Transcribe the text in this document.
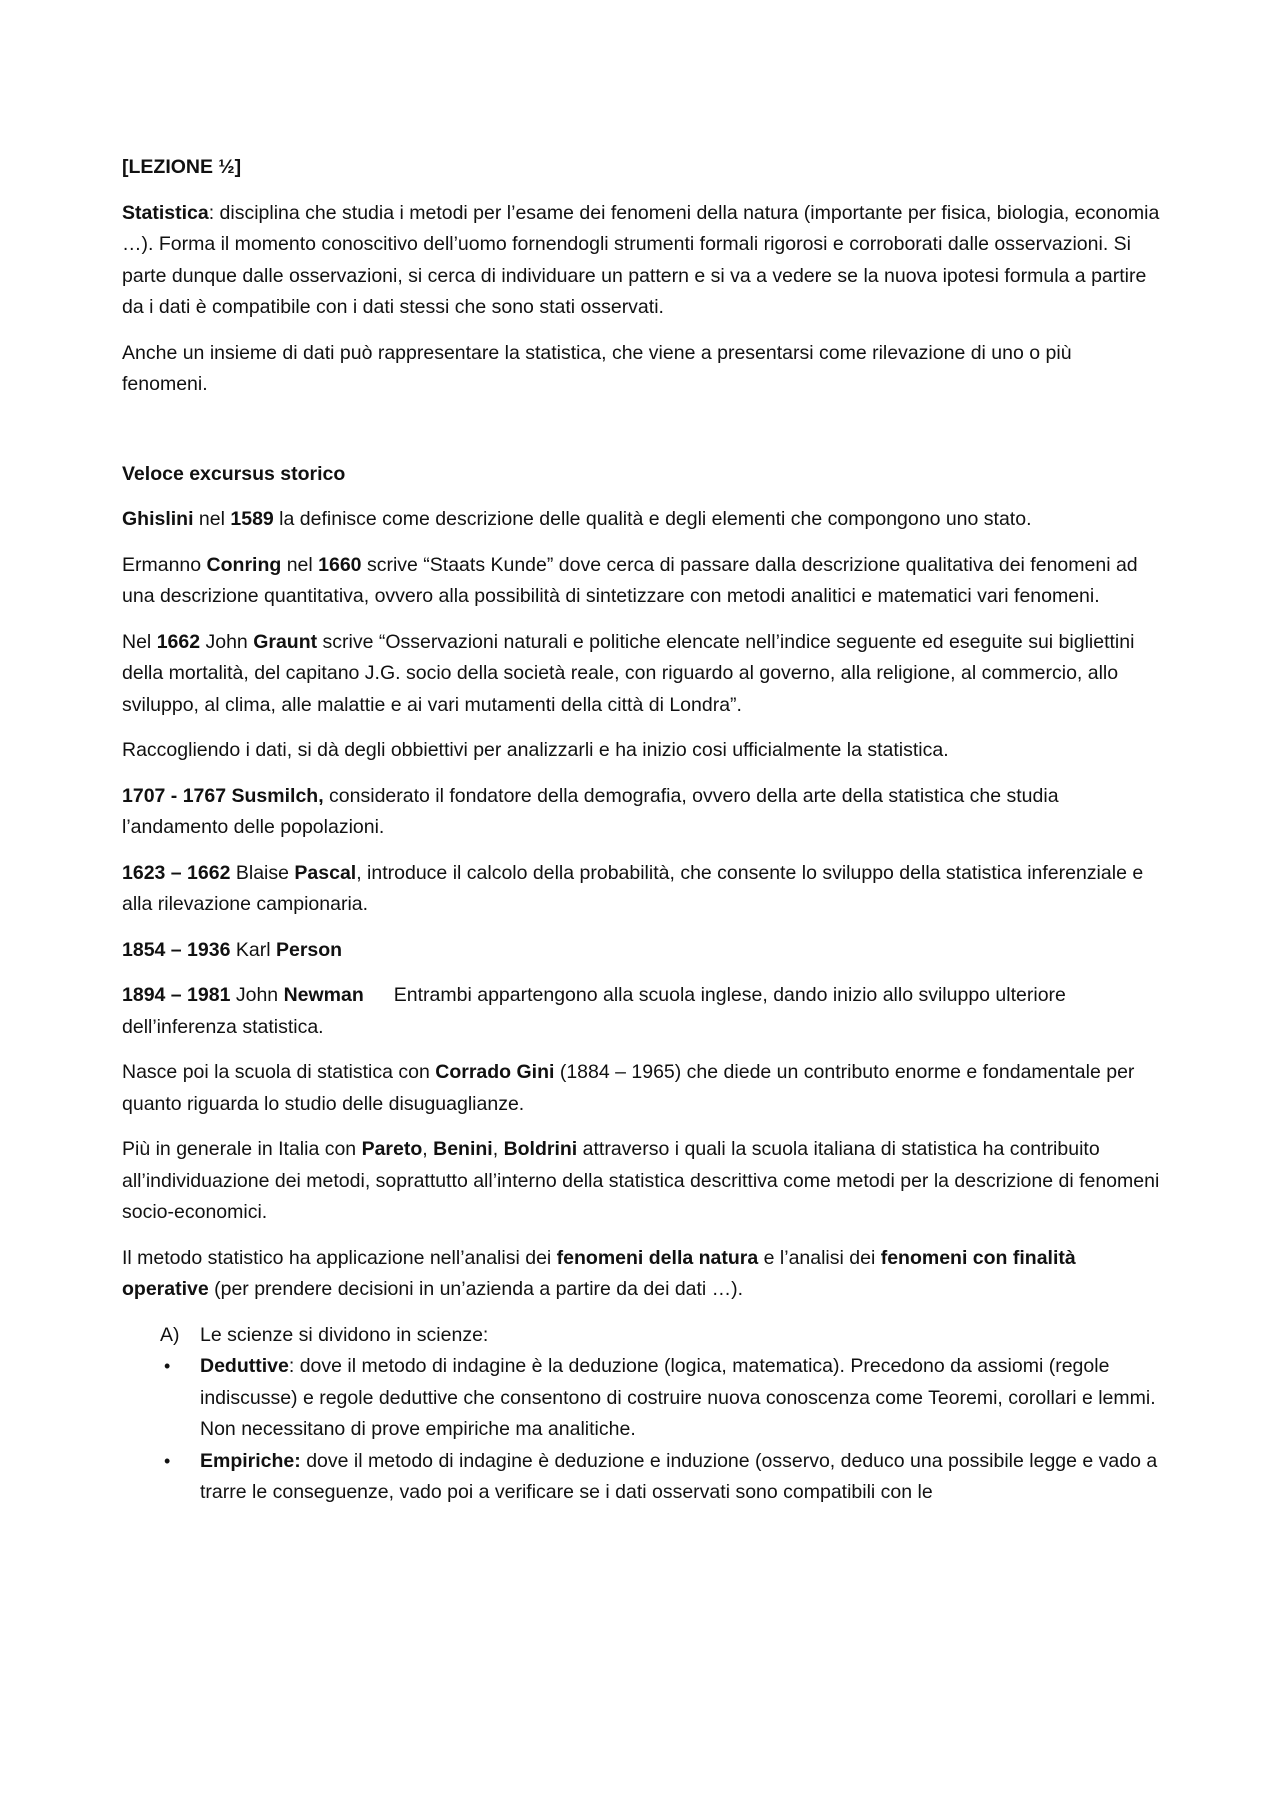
[LEZIONE ½]

Statistica: disciplina che studia i metodi per l’esame dei fenomeni della natura (importante per fisica, biologia, economia …). Forma il momento conoscitivo dell’uomo fornendogli strumenti formali rigorosi e corroborati dalle osservazioni. Si parte dunque dalle osservazioni, si cerca di individuare un pattern e si va a vedere se la nuova ipotesi formula a partire da i dati è compatibile con i dati stessi che sono stati osservati.

Anche un insieme di dati può rappresentare la statistica, che viene a presentarsi come rilevazione di uno o più fenomeni.

Veloce excursus storico

Ghislini nel 1589 la definisce come descrizione delle qualità e degli elementi che compongono uno stato.

Ermanno Conring nel 1660 scrive “Staats Kunde” dove cerca di passare dalla descrizione qualitativa dei fenomeni ad una descrizione quantitativa, ovvero alla possibilità di sintetizzare con metodi analitici e matematici vari fenomeni.

Nel 1662 John Graunt scrive “Osservazioni naturali e politiche elencate nell’indice seguente ed eseguite sui bigliettini della mortalità, del capitano J.G. socio della società reale, con riguardo al governo, alla religione, al commercio, allo sviluppo, al clima, alle malattie e ai vari mutamenti della città di Londra”.

Raccogliendo i dati, si dà degli obbiettivi per analizzarli e ha inizio cosi ufficialmente la statistica.

1707 - 1767 Susmilch, considerato il fondatore della demografia, ovvero della arte della statistica che studia l’andamento delle popolazioni.

1623 – 1662 Blaise Pascal, introduce il calcolo della probabilità, che consente lo sviluppo della statistica inferenziale e alla rilevazione campionaria.

1854 – 1936 Karl Person

1894 – 1981 John Newman Entrambi appartengono alla scuola inglese, dando inizio allo sviluppo ulteriore dell’inferenza statistica.

Nasce poi la scuola di statistica con Corrado Gini (1884 – 1965) che diede un contributo enorme e fondamentale per quanto riguarda lo studio delle disuguaglianze.

Più in generale in Italia con Pareto, Benini, Boldrini attraverso i quali la scuola italiana di statistica ha contribuito all’individuazione dei metodi, soprattutto all’interno della statistica descrittiva come metodi per la descrizione di fenomeni socio-economici.

Il metodo statistico ha applicazione nell’analisi dei fenomeni della natura e l’analisi dei fenomeni con finalità operative (per prendere decisioni in un’azienda a partire da dei dati …).

A) Le scienze si dividono in scienze:
• Deduttive: dove il metodo di indagine è la deduzione (logica, matematica). Precedono da assiomi (regole indiscusse) e regole deduttive che consentono di costruire nuova conoscenza come Teoremi, corollari e lemmi. Non necessitano di prove empiriche ma analitiche.
• Empiriche: dove il metodo di indagine è deduzione e induzione (osservo, deduco una possibile legge e vado a trarre le conseguenze, vado poi a verificare se i dati osservati sono compatibili con le
